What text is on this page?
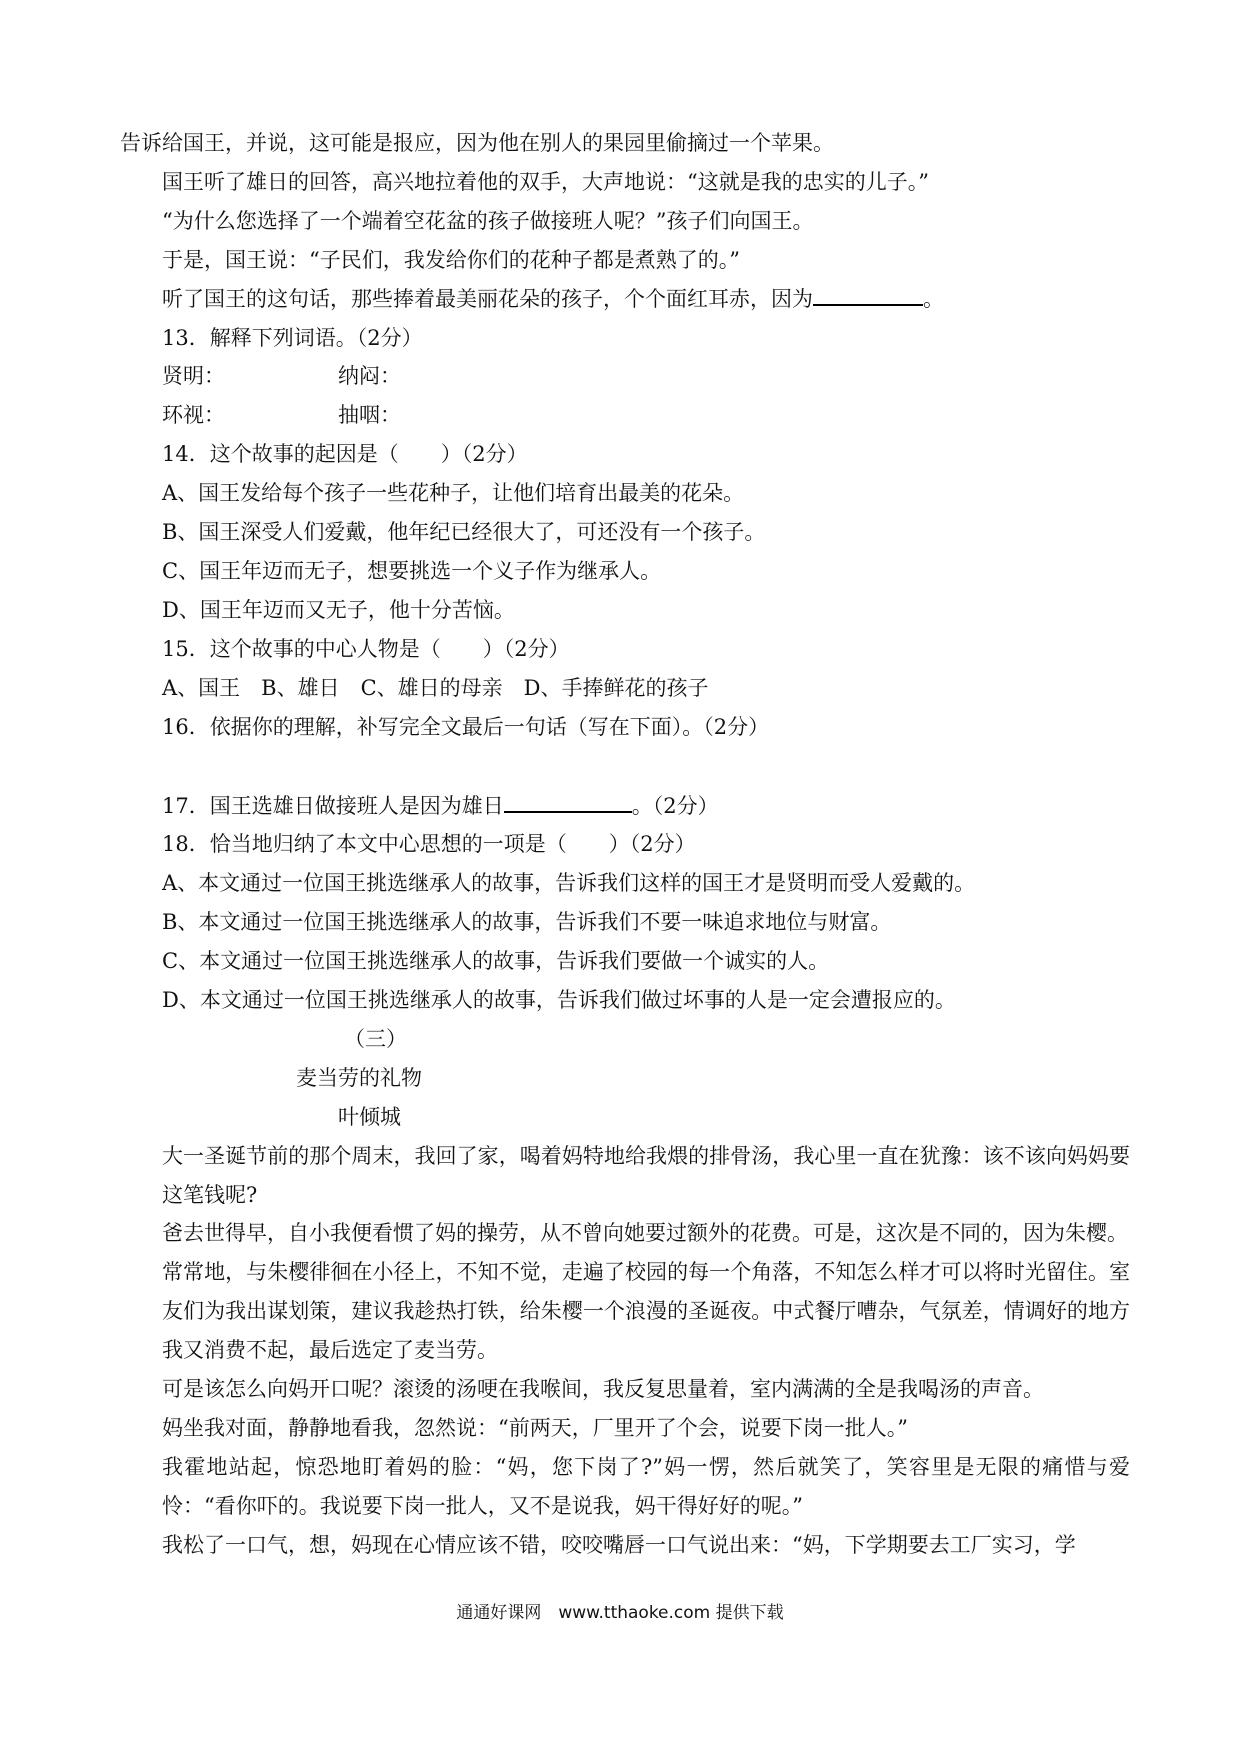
告诉给国王，并说，这可能是报应，因为他在别人的果园里偷摘过一个苹果。
国王听了雄日的回答，高兴地拉着他的双手，大声地说：“这就是我的忠实的儿子。”
“为什么您选择了一个端着空花盆的孩子做接班人呢？”孩子们向国王。
于是，国王说：“子民们，我发给你们的花种子都是煮熟了的。”
听了国王的这句话，那些捧着最美丽花朵的孩子，个个面红耳赤，因为	。
13．解释下列词语。（2分）
贤明：	纳闷：
环视：	抽咽：
14．这个故事的起因是（　　）（2分）
A、国王发给每个孩子一些花种子，让他们培育出最美的花朵。
B、国王深受人们爱戴，他年纪已经很大了，可还没有一个孩子。
C、国王年迈而无子，想要挑选一个义子作为继承人。
D、国王年迈而又无子，他十分苦恼。
15．这个故事的中心人物是（　　）（2分）
A、国王　B、雄日　C、雄日的母亲　D、手捧鲜花的孩子
16．依据你的理解，补写完全文最后一句话（写在下面）。（2分）
17．国王选雄日做接班人是因为雄日	。（2分）
18．恰当地归纳了本文中心思想的一项是（　　）（2分）
A、本文通过一位国王挑选继承人的故事，告诉我们这样的国王才是贤明而受人爱戴的。
B、本文通过一位国王挑选继承人的故事，告诉我们不要一味追求地位与财富。
C、本文通过一位国王挑选继承人的故事，告诉我们要做一个诚实的人。
D、本文通过一位国王挑选继承人的故事，告诉我们做过坏事的人是一定会遭报应的。
（三）
麦当劳的礼物
叶倾城
大一圣诞节前的那个周末，我回了家，喝着妈特地给我煨的排骨汤，我心里一直在犹豫：该不该向妈妈要这笔钱呢?
爸去世得早，自小我便看惯了妈的操劳，从不曾向她要过额外的花费。可是，这次是不同的，因为朱樱。
常常地，与朱樱徘徊在小径上，不知不觉，走遍了校园的每一个角落，不知怎么样才可以将时光留住。室友们为我出谋划策，建议我趁热打铁，给朱樱一个浪漫的圣诞夜。中式餐厅嘈杂，气氛差，情调好的地方我又消费不起，最后选定了麦当劳。
可是该怎么向妈开口呢？滚烫的汤哽在我喉间，我反复思量着，室内满满的全是我喝汤的声音。
妈坐我对面，静静地看我，忽然说：“前两天，厂里开了个会，说要下岗一批人。”
我霍地站起，惊恐地盯着妈的脸：“妈，您下岗了?”妈一愣，然后就笑了，笑容里是无限的痛惜与爱怜：“看你吓的。我说要下岗一批人，又不是说我，妈干得好好的呢。”
我松了一口气，想，妈现在心情应该不错，咬咬嘴唇一口气说出来：“妈，下学期要去工厂实习，学
通通好课网　www.tthaoke.com 提供下载
